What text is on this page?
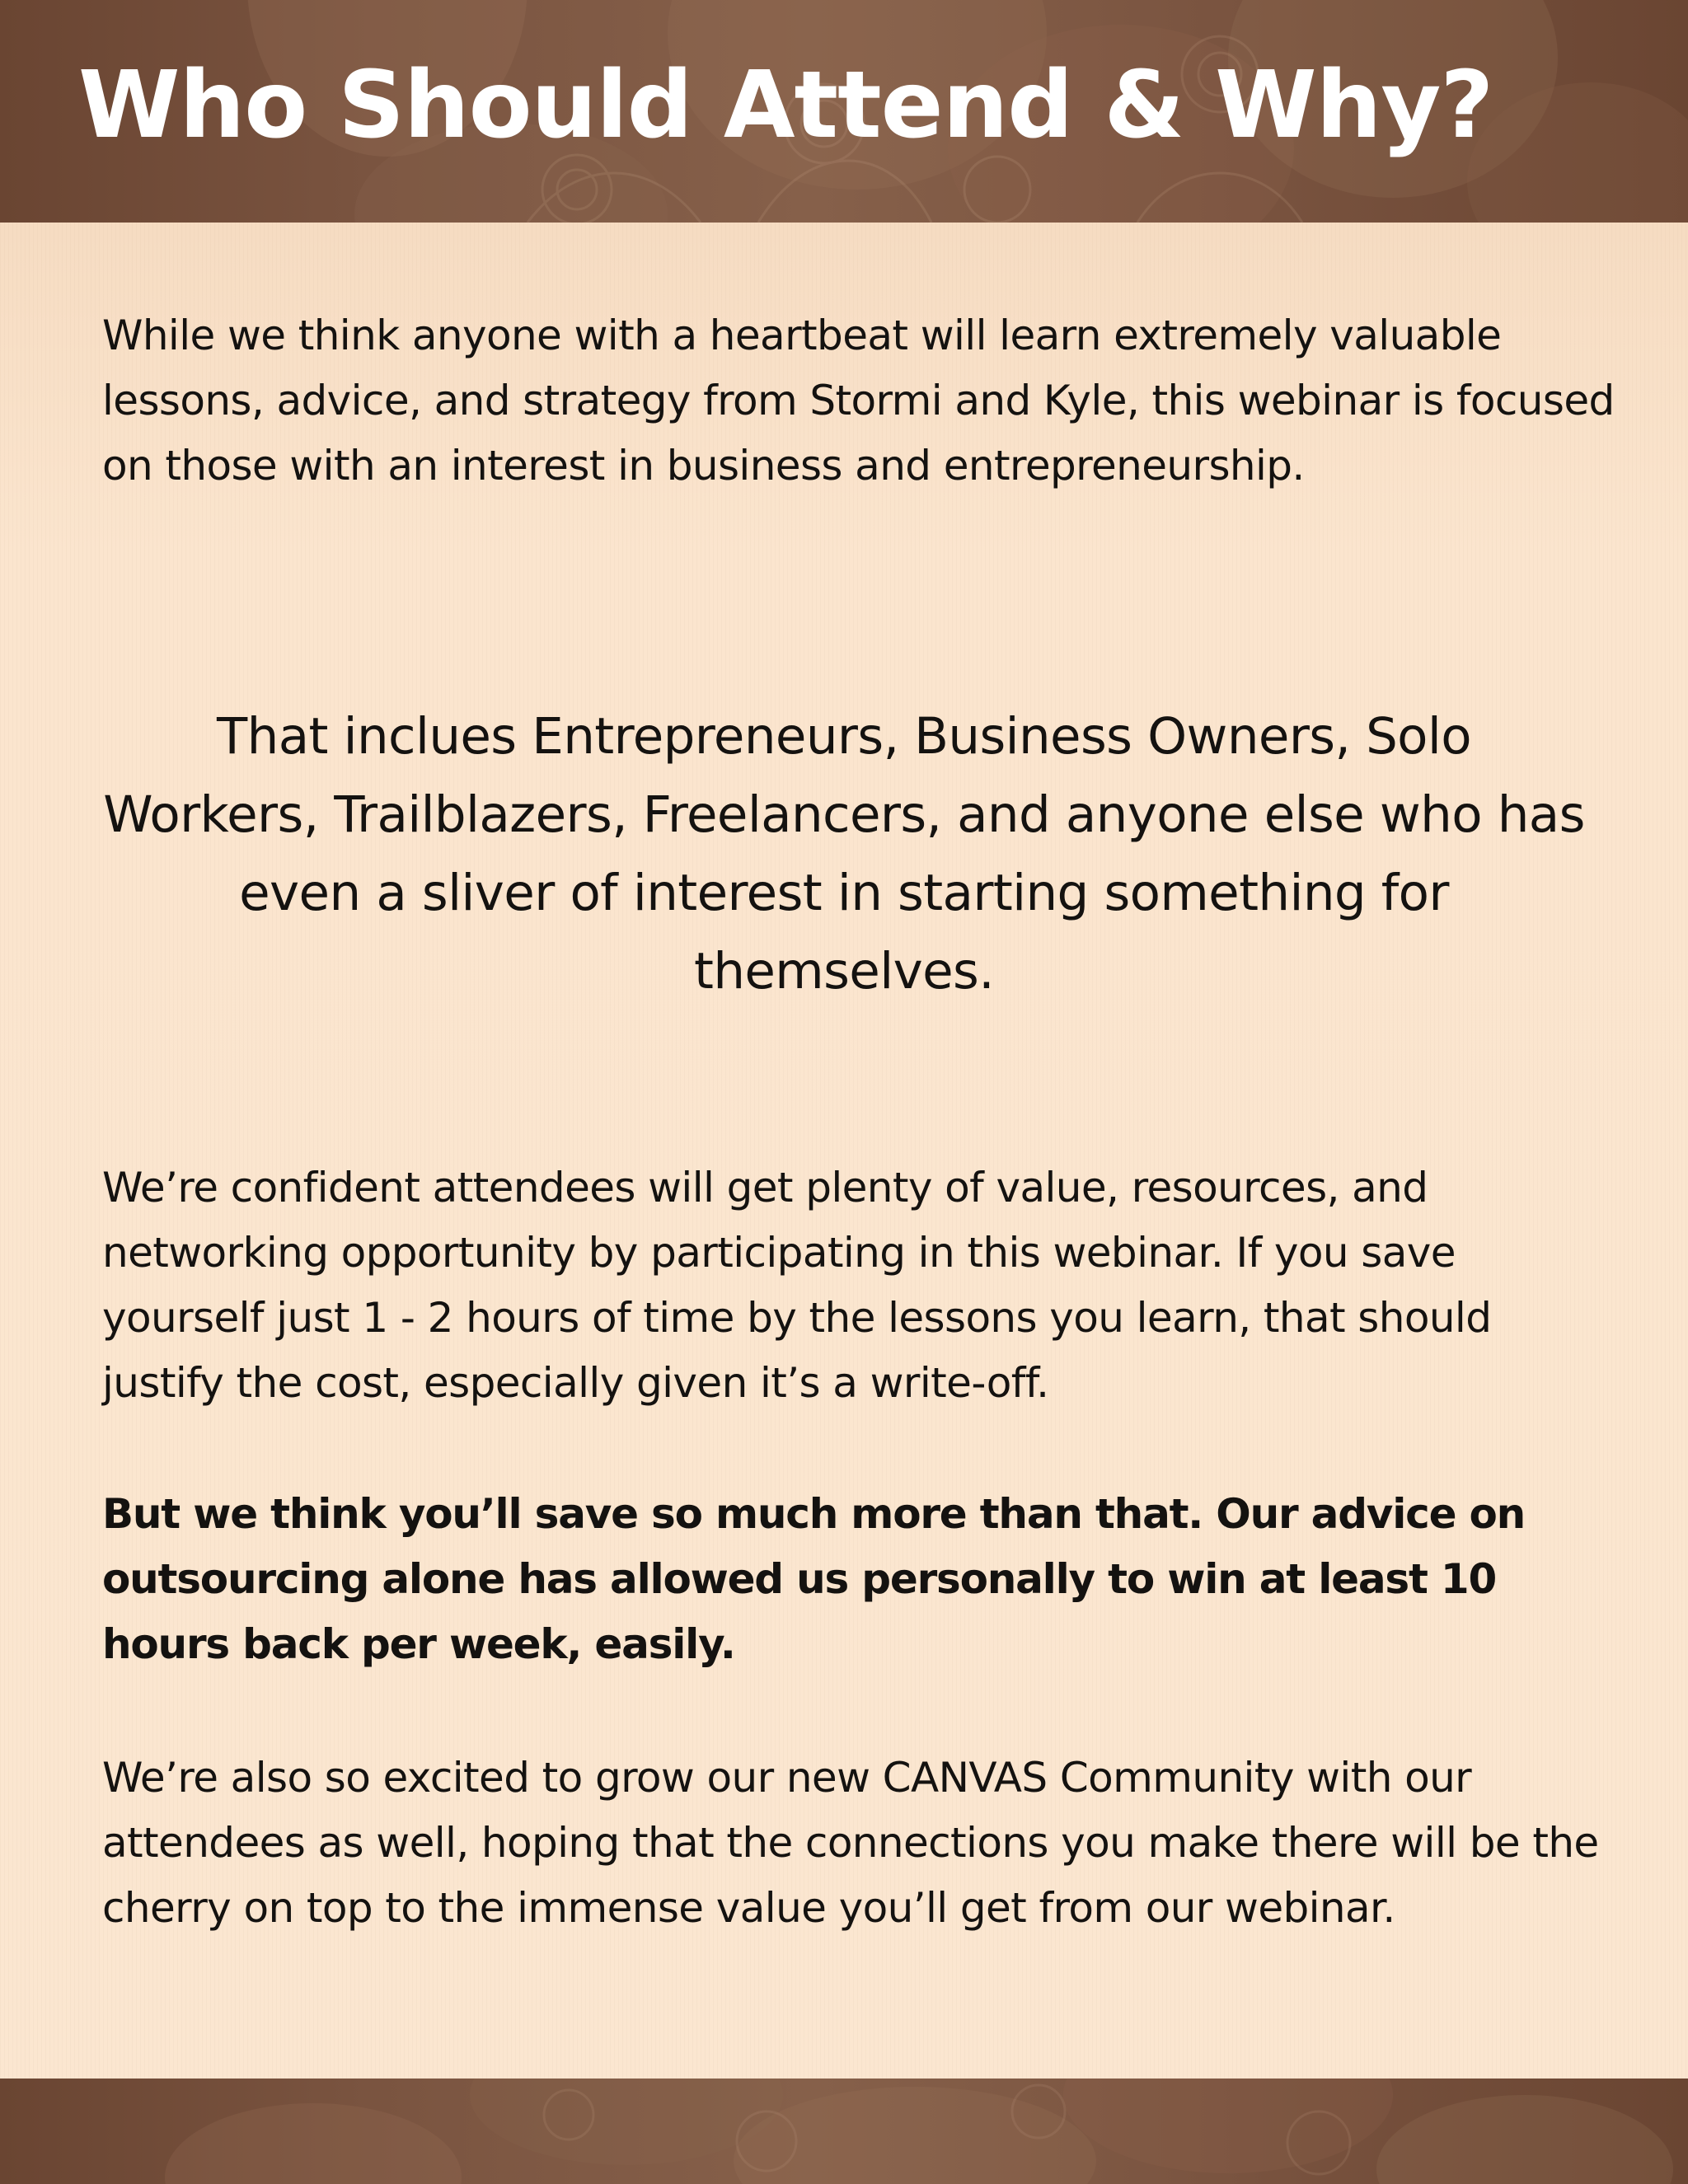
Who Should Attend & Why?

While we think anyone with a heartbeat will learn extremely valuable lessons, advice, and strategy from Stormi and Kyle, this webinar is focused on those with an interest in business and entrepreneurship.

That inclues Entrepreneurs, Business Owners, Solo Workers, Trailblazers, Freelancers, and anyone else who has even a sliver of interest in starting something for themselves.

We’re confident attendees will get plenty of value, resources, and networking opportunity by participating in this webinar. If you save yourself just 1 - 2 hours of time by the lessons you learn, that should justify the cost, especially given it’s a write-off.

But we think you’ll save so much more than that. Our advice on outsourcing alone has allowed us personally to win at least 10 hours back per week, easily.

We’re also so excited to grow our new CANVAS Community with our attendees as well, hoping that the connections you make there will be the cherry on top to the immense value you’ll get from our webinar.
